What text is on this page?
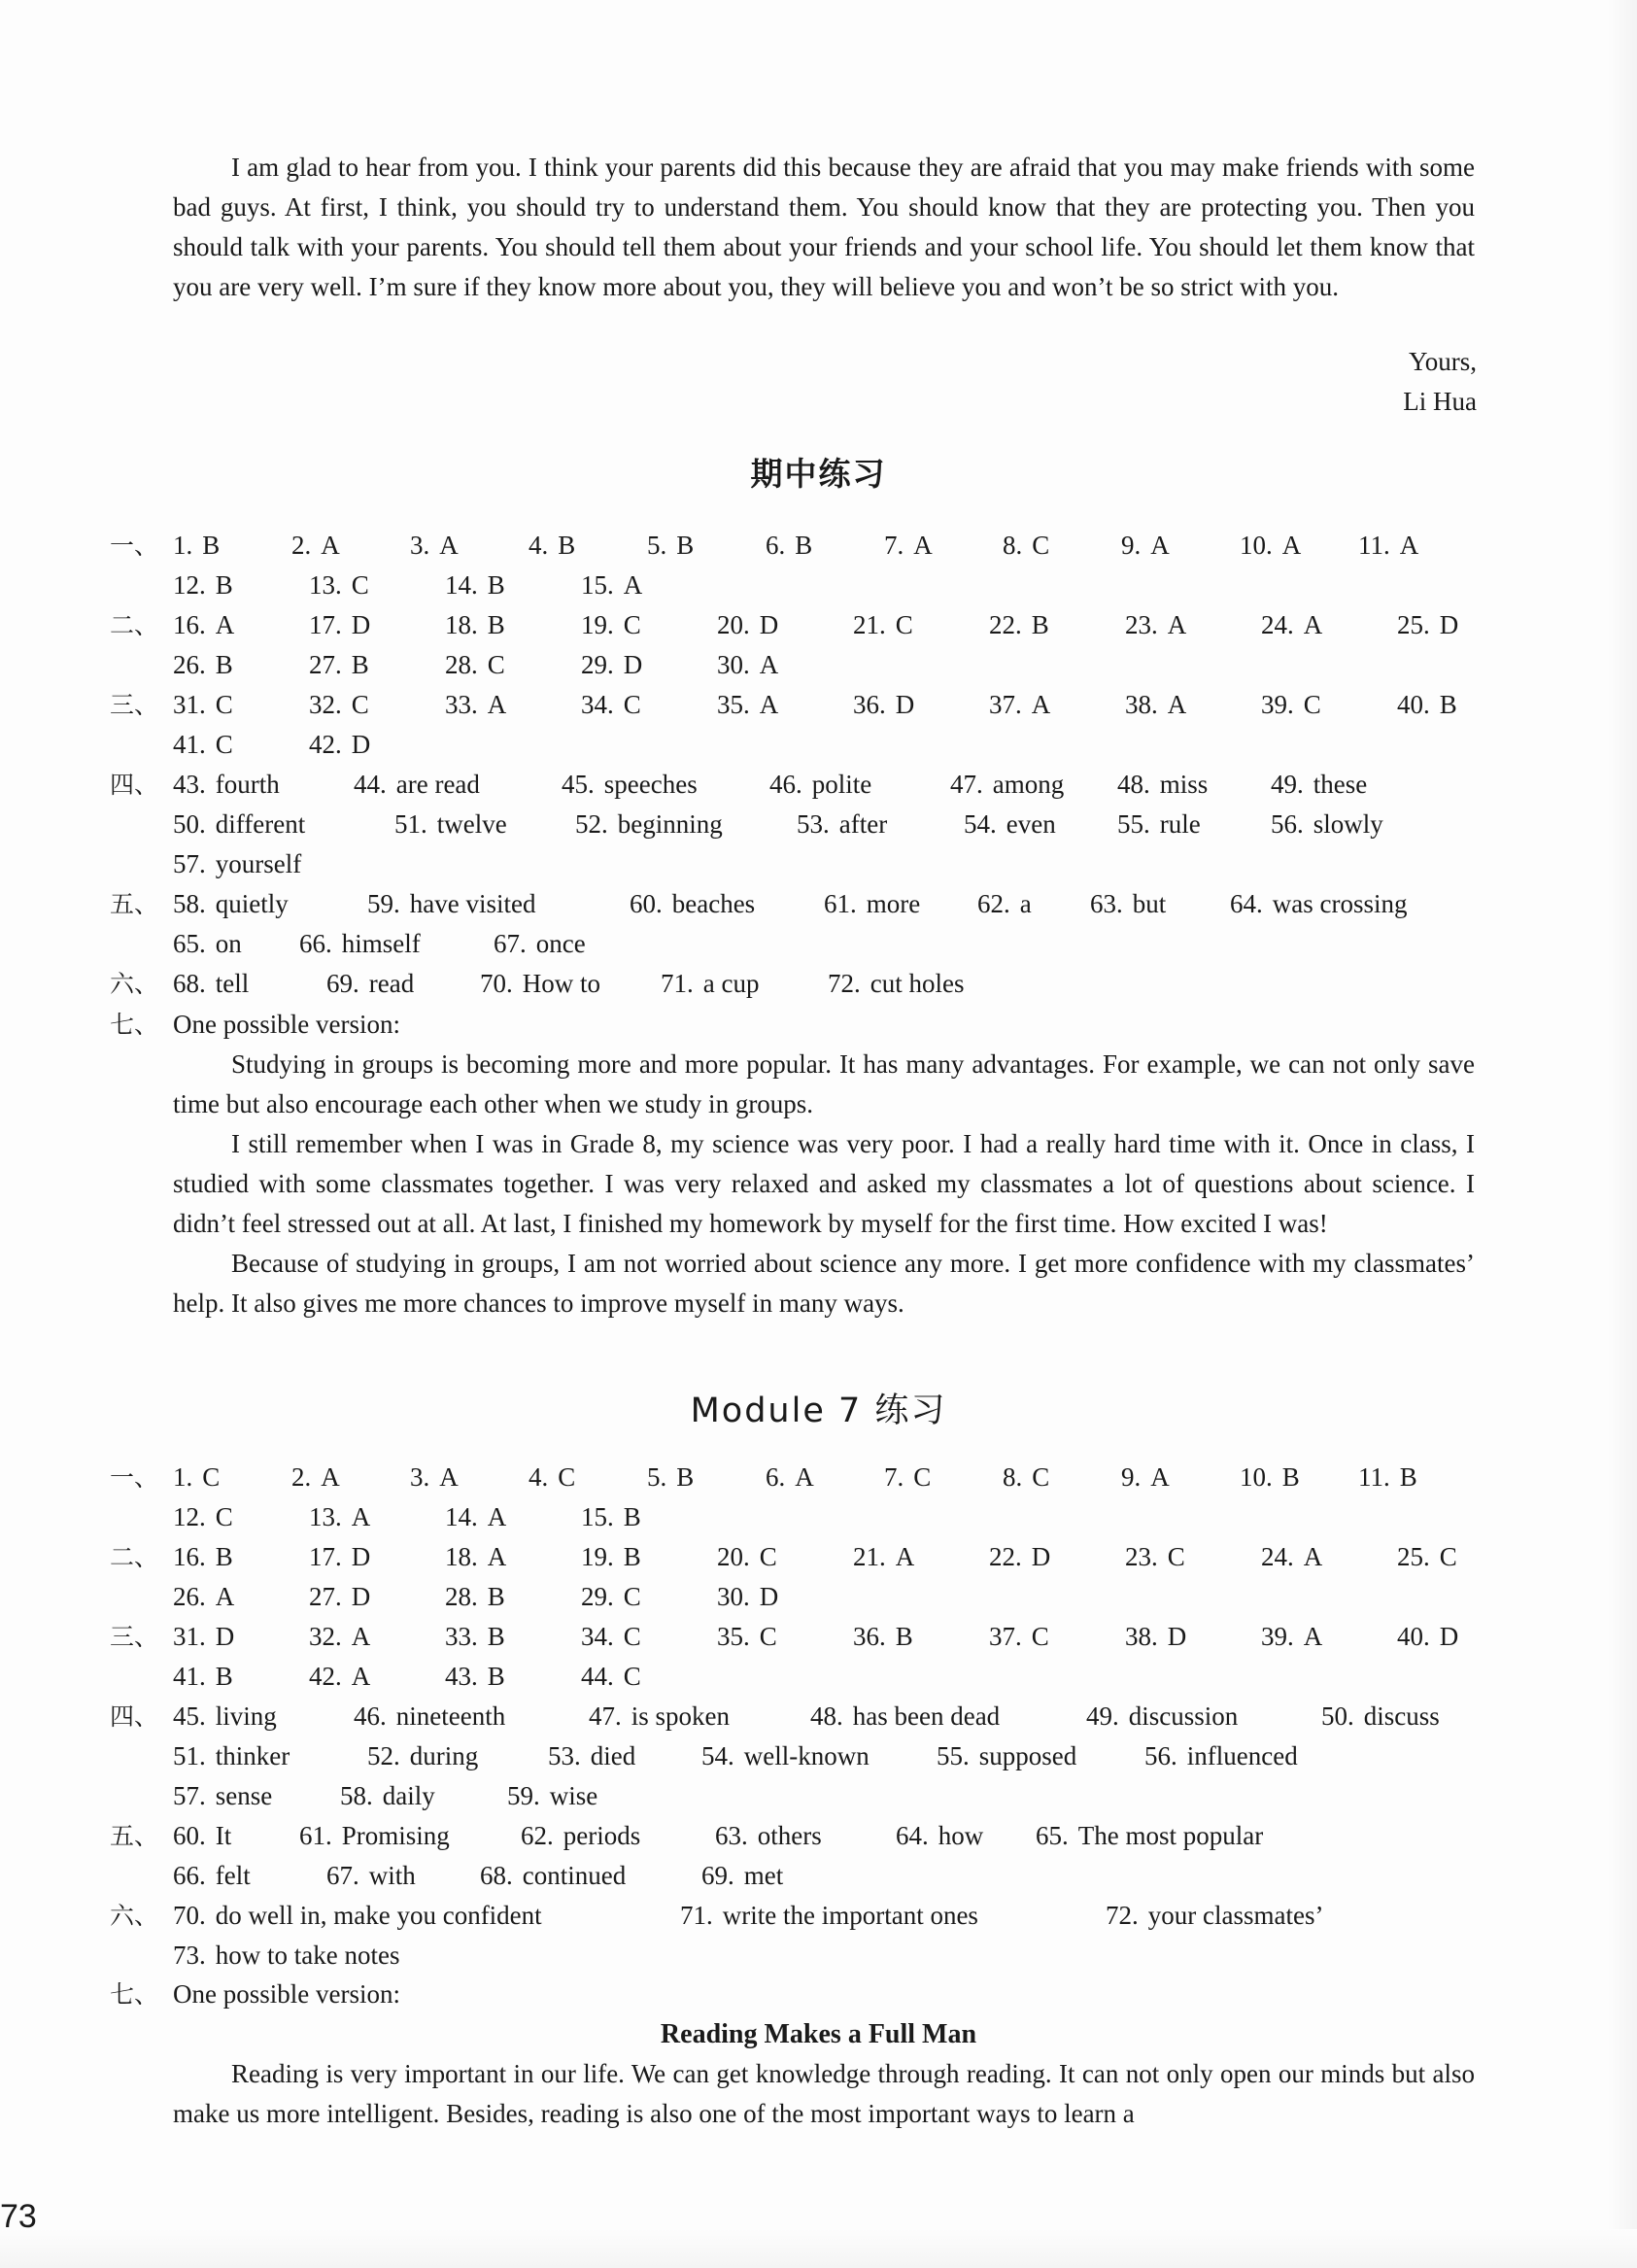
I am glad to hear from you. I think your parents did this because they are afraid that you may make friends with some bad guys. At first, I think, you should try to understand them. You should know that they are protecting you. Then you should talk with your parents. You should tell them about your friends and your school life. You should let them know that you are very well. I’m sure if they know more about you, they will believe you and won’t be so strict with you.

Yours,
Li Hua
期中练习
一、 1. B	2. A	3. A	4. B	5. B	6. B	7. A	8. C	9. A	10. A 11. A
12. B	13. C	14. B	15. A
二、 16. A	17. D	18. B	19. C	20. D	21. C	22. B	23. A	24. A	25. D
26. B	27. B	28. C	29. D	30. A
三、 31. C	32. C	33. A	34. C	35. A	36. D	37. A	38. A	39. C	40. B
41. C	42. D
四、 43. fourth	44. are read	45. speeches	46. polite	47. among 48. miss 49. these
50. different	51. twelve	52. beginning	53. after	54. even 55. rule	56. slowly
57. yourself
五、 58. quietly	59. have visited	60. beaches	61. more 62. a 63. but 64. was crossing
65. on 66. himself	67. once
六、 68. tell	69. read	70. How to 71. a cup	72. cut holes
七、 One possible version:

Studying in groups is becoming more and more popular. It has many advantages. For example, we can not only save time but also encourage each other when we study in groups.

I still remember when I was in Grade 8, my science was very poor. I had a really hard time with it. Once in class, I studied with some classmates together. I was very relaxed and asked my classmates a lot of questions about science. I didn’t feel stressed out at all. At last, I finished my homework by myself for the first time. How excited I was!

Because of studying in groups, I am not worried about science any more. I get more confidence with my classmates’ help. It also gives me more chances to improve myself in many ways.

Module 7 练习
一、 1. C	2. A	3. A	4. C	5. B	6. A	7. C	8. C	9. A	10. B 11. B
12. C	13. A	14. A	15. B
二、 16. B	17. D	18. A	19. B	20. C	21. A	22. D	23. C	24. A	25. C
26. A	27. D	28. B	29. C	30. D
三、 31. D	32. A	33. B	34. C	35. C	36. B	37. C	38. D	39. A	40. D
41. B	42. A	43. B	44. C
四、 45. living	46. nineteenth	47. is spoken	48. has been dead	49. discussion	50. discuss
51. thinker	52. during	53. died	54. well-known	55. supposed	56. influenced
57. sense	58. daily	59. wise
五、 60. It	61. Promising	62. periods	63. others	64. how 65. The most popular
66. felt	67. with 68. continued	69. met
六、 70. do well in, make you confident	71. write the important ones	72. your classmates’
73. how to take notes
七、 One possible version:
Reading Makes a Full Man

Reading is very important in our life. We can get knowledge through reading. It can not only open our minds but also make us more intelligent. Besides, reading is also one of the most important ways to learn a

73
